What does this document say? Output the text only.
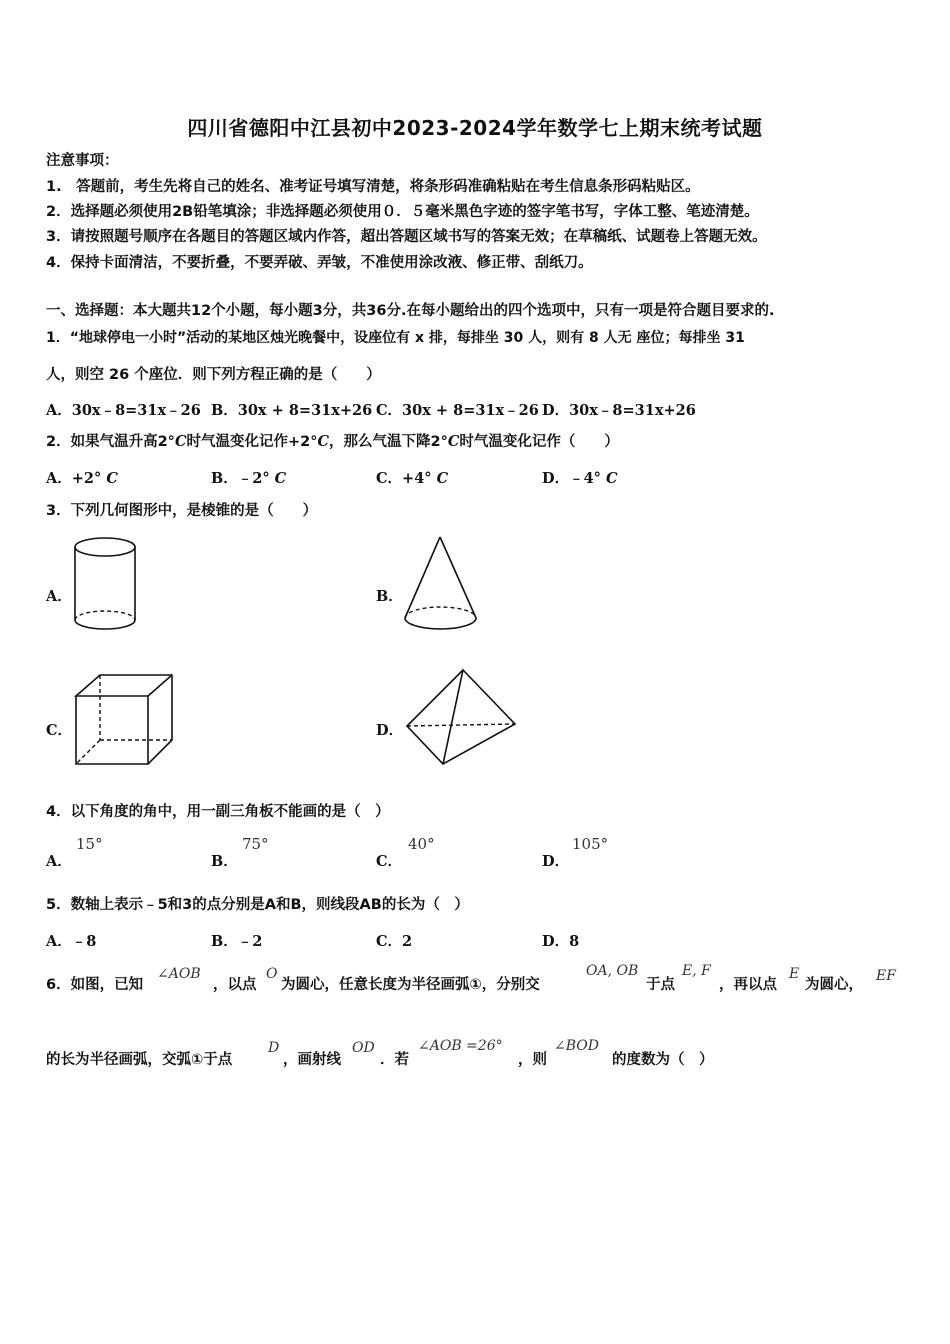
四川省德阳中江县初中2023-2024学年数学七上期末统考试题
注意事项：
1.　答题前，考生先将自己的姓名、准考证号填写清楚，将条形码准确粘贴在考生信息条形码粘贴区。
2．选择题必须使用2B铅笔填涂；非选择题必须使用０．５毫米黑色字迹的签字笔书写，字体工整、笔迹清楚。
3．请按照题号顺序在各题目的答题区域内作答，超出答题区域书写的答案无效；在草稿纸、试题卷上答题无效。
4．保持卡面清洁，不要折叠，不要弄破、弄皱，不准使用涂改液、修正带、刮纸刀。
一、选择题：本大题共12个小题，每小题3分，共36分.在每小题给出的四个选项中，只有一项是符合题目要求的.
1．“地球停电一小时”活动的某地区烛光晚餐中，设座位有 x 排，每排坐 30 人，则有 8 人无 座位；每排坐 31
人，则空 26 个座位．则下列方程正确的是（　　）
A．30x﹣8=31x﹣26 B．30x + 8=31x+26 C．30x + 8=31x﹣26 D．30x﹣8=31x+26
2．如果气温升高2°C时气温变化记作+2°C，那么气温下降2°C时气温变化记作（　　）
A．+2° C	B．﹣2° C	C．+4° C	D．﹣4° C
3．下列几何图形中，是棱锥的是（　　）
A．	B．
C．	D．
4．以下角度的角中，用一副三角板不能画的是（　）
A．
15°
B．
75°
C．
40°
D．
105°
5．数轴上表示﹣5和3的点分别是A和B，则线段AB的长为（　）
A．﹣8	B．﹣2	C．2	D．8
6．如图，已知
∠AOB
，以点
O
为圆心，任意长度为半径画弧①，分别交
OA, OB
于点
E, F
，再以点
E
为圆心，
EF
的长为半径画弧，交弧①于点
D
，画射线
OD
．若
∠AOB =26°
，则
∠BOD
的度数为（　）
